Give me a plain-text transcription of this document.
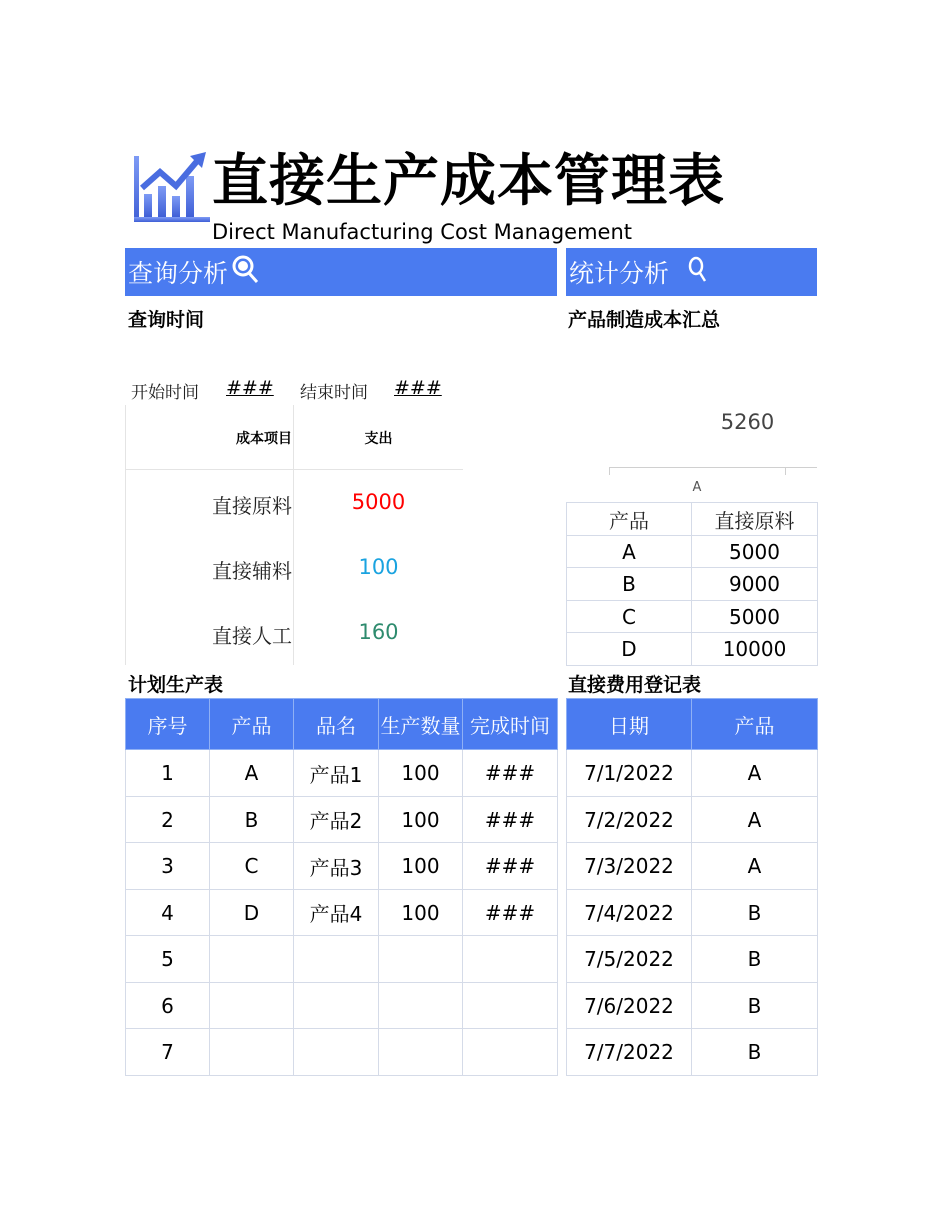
直接生产成本管理表
Direct Manufacturing Cost Management
查询分析	统计分析
查询时间	产品制造成本汇总
开始时间 ### 结束时间 ###
成本项目	支出
直接原料	5000
直接辅料	100
直接人工	160
5260
A
产品	直接原料
A	5000
B	9000
C	5000
D	10000
计划生产表	直接费用登记表
序号	产品	品名	生产数量	完成时间
1	A	产品1	100	###
2	B	产品2	100	###
3	C	产品3	100	###
4	D	产品4	100	###
5				
6				
7				
日期	产品
7/1/2022	A
7/2/2022	A
7/3/2022	A
7/4/2022	B
7/5/2022	B
7/6/2022	B
7/7/2022	B
